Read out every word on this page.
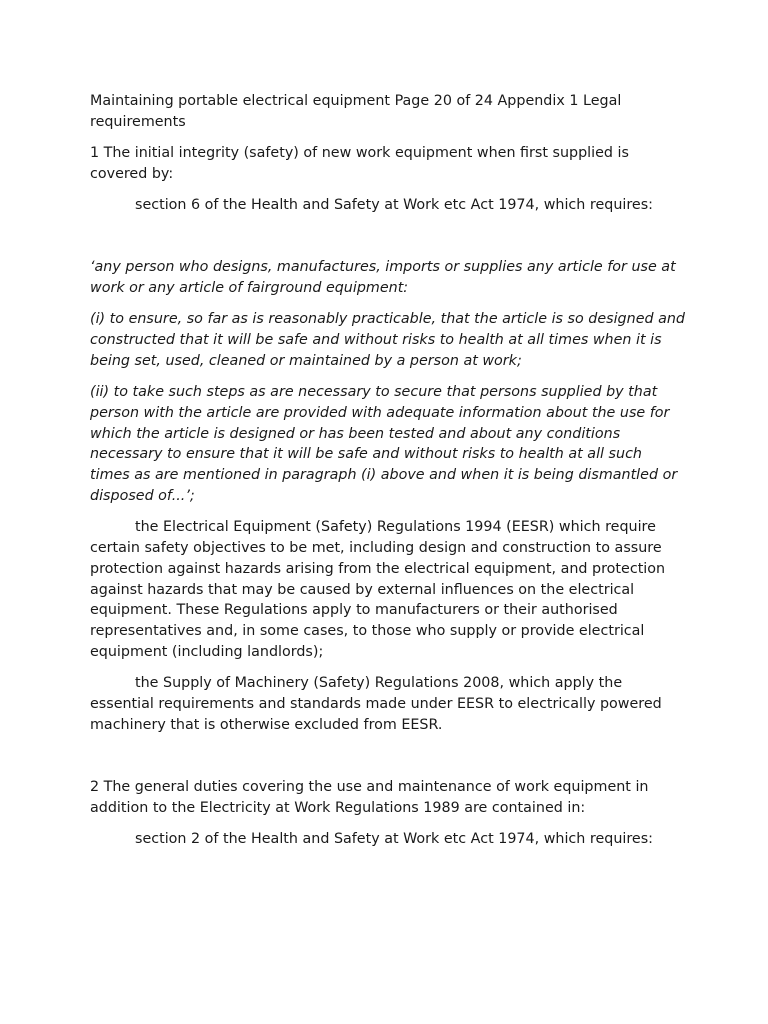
Maintaining portable electrical equipment Page 20 of 24 Appendix 1 Legal requirements

1 The initial integrity (safety) of new work equipment when first supplied is covered by:

section 6 of the Health and Safety at Work etc Act 1974, which requires:

‘any person who designs, manufactures, imports or supplies any article for use at work or any article of fairground equipment:

(i) to ensure, so far as is reasonably practicable, that the article is so designed and constructed that it will be safe and without risks to health at all times when it is being set, used, cleaned or maintained by a person at work;

(ii) to take such steps as are necessary to secure that persons supplied by that person with the article are provided with adequate information about the use for which the article is designed or has been tested and about any conditions necessary to ensure that it will be safe and without risks to health at all such times as are mentioned in paragraph (i) above and when it is being dismantled or disposed of...’;

the Electrical Equipment (Safety) Regulations 1994 (EESR) which require certain safety objectives to be met, including design and construction to assure protection against hazards arising from the electrical equipment, and protection against hazards that may be caused by external influences on the electrical equipment. These Regulations apply to manufacturers or their authorised representatives and, in some cases, to those who supply or provide electrical equipment (including landlords);

the Supply of Machinery (Safety) Regulations 2008, which apply the essential requirements and standards made under EESR to electrically powered machinery that is otherwise excluded from EESR.

2 The general duties covering the use and maintenance of work equipment in addition to the Electricity at Work Regulations 1989 are contained in:

section 2 of the Health and Safety at Work etc Act 1974, which requires:
